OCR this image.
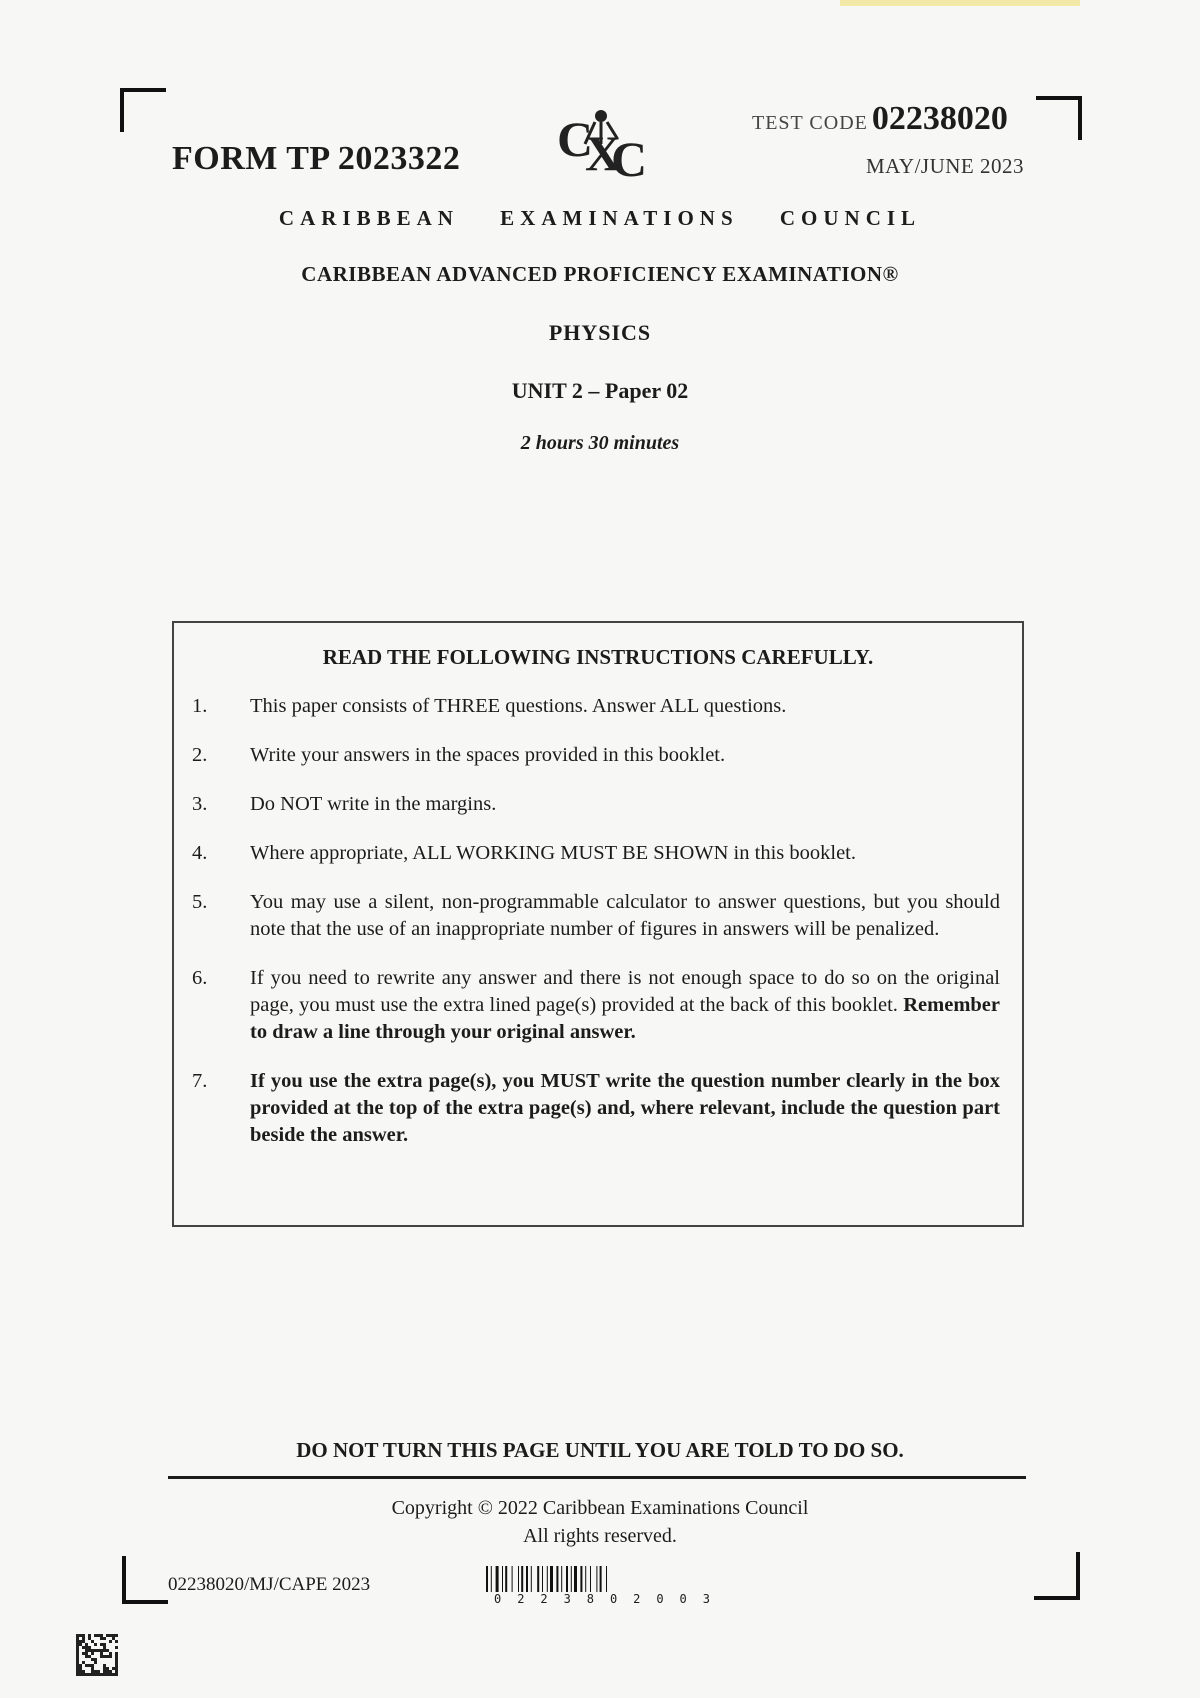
FORM TP 2023322 C
X
C
TEST CODE 02238020
MAY/JUNE 2023
CARIBBEAN EXAMINATIONS COUNCIL
CARIBBEAN ADVANCED PROFICIENCY EXAMINATION®
PHYSICS
UNIT 2 – Paper 02
2 hours 30 minutes
READ THE FOLLOWING INSTRUCTIONS CAREFULLY.
1.	This paper consists of THREE questions. Answer ALL questions.
2.	Write your answers in the spaces provided in this booklet.
3.	Do NOT write in the margins.
4.	Where appropriate, ALL WORKING MUST BE SHOWN in this booklet.
5.	You may use a silent, non-programmable calculator to answer questions, but you should note that the use of an inappropriate number of figures in answers will be penalized.
6.	If you need to rewrite any answer and there is not enough space to do so on the original page, you must use the extra lined page(s) provided at the back of this booklet. Remember to draw a line through your original answer.
7.	If you use the extra page(s), you MUST write the question number clearly in the box provided at the top of the extra page(s) and, where relevant, include the question part beside the answer.
DO NOT TURN THIS PAGE UNTIL YOU ARE TOLD TO DO SO.
Copyright © 2022 Caribbean Examinations Council
All rights reserved.
02238020/MJ/CAPE 2023
0 2 2 3 8 0 2 0 0 3
